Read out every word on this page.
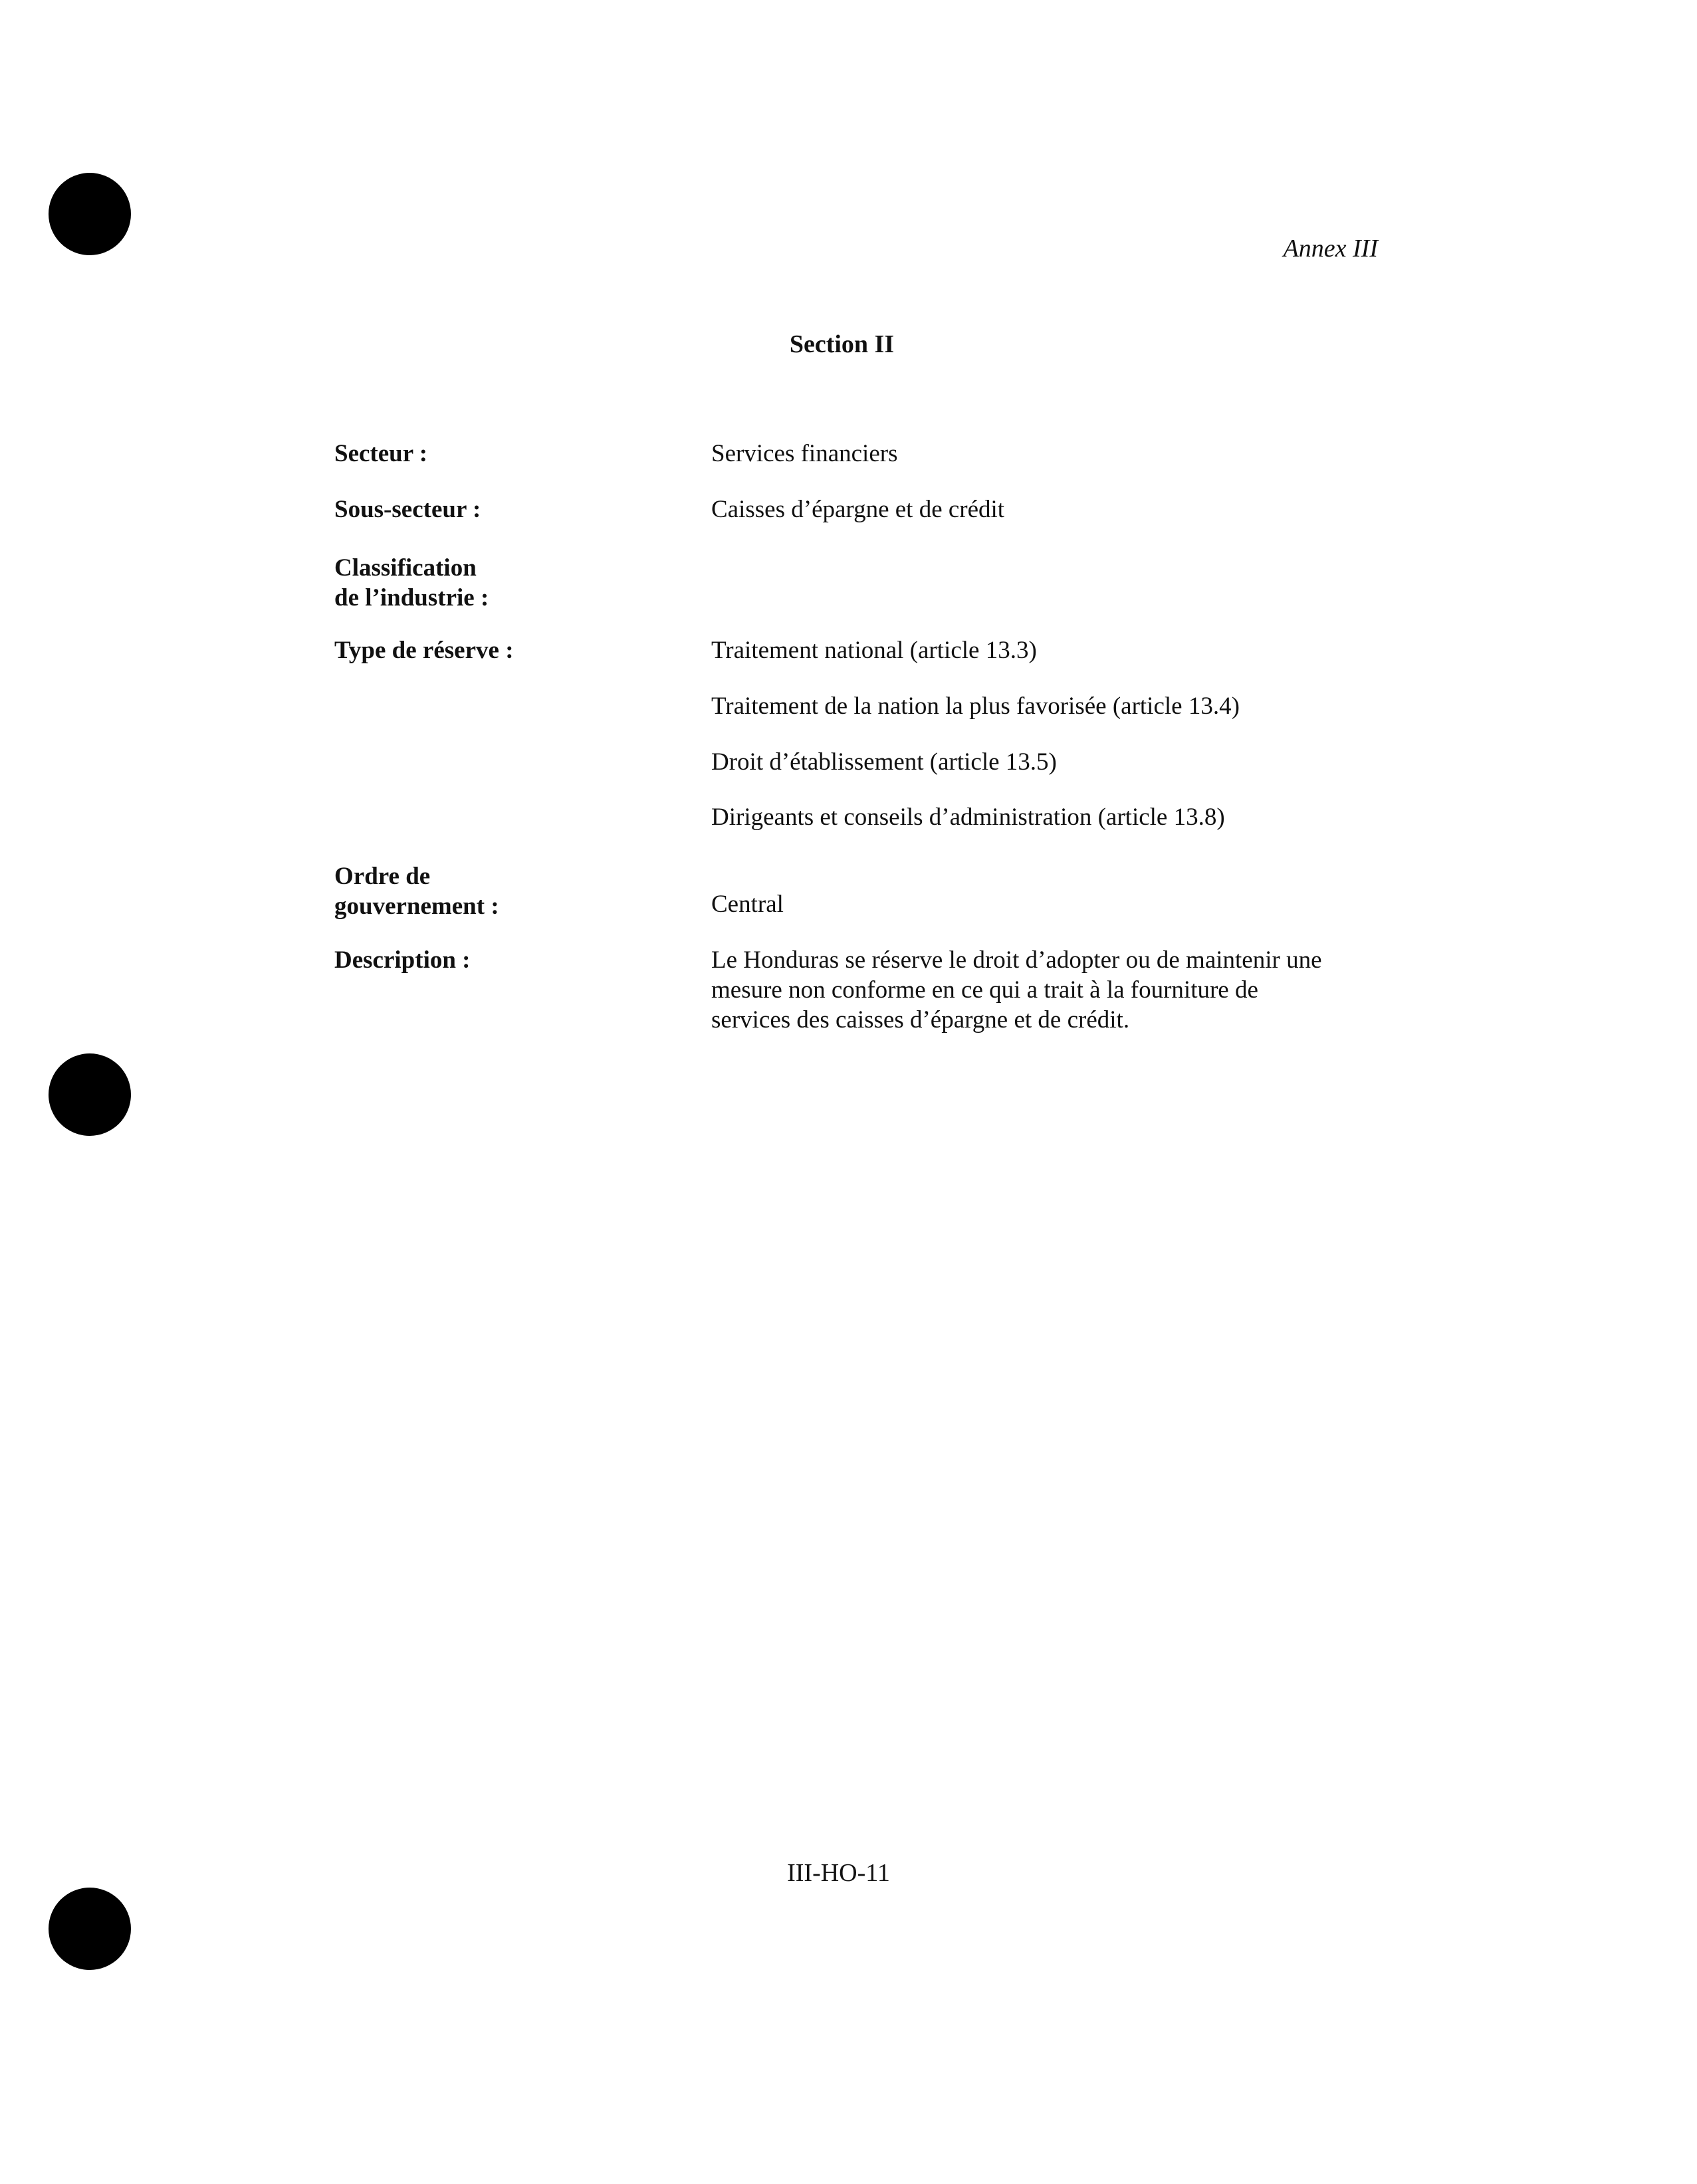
Annex III
Section II
Secteur :	Services financiers
Sous-secteur :	Caisses d’épargne et de crédit
Classification
de l’industrie :
Type de réserve :	Traitement national (article 13.3)
Traitement de la nation la plus favorisée (article 13.4)
Droit d’établissement (article 13.5)
Dirigeants et conseils d’administration (article 13.8)
Ordre de
gouvernement :	Central
Description :	Le Honduras se réserve le droit d’adopter ou de maintenir une
mesure non conforme en ce qui a trait à la fourniture de
services des caisses d’épargne et de crédit.
III-HO-11
